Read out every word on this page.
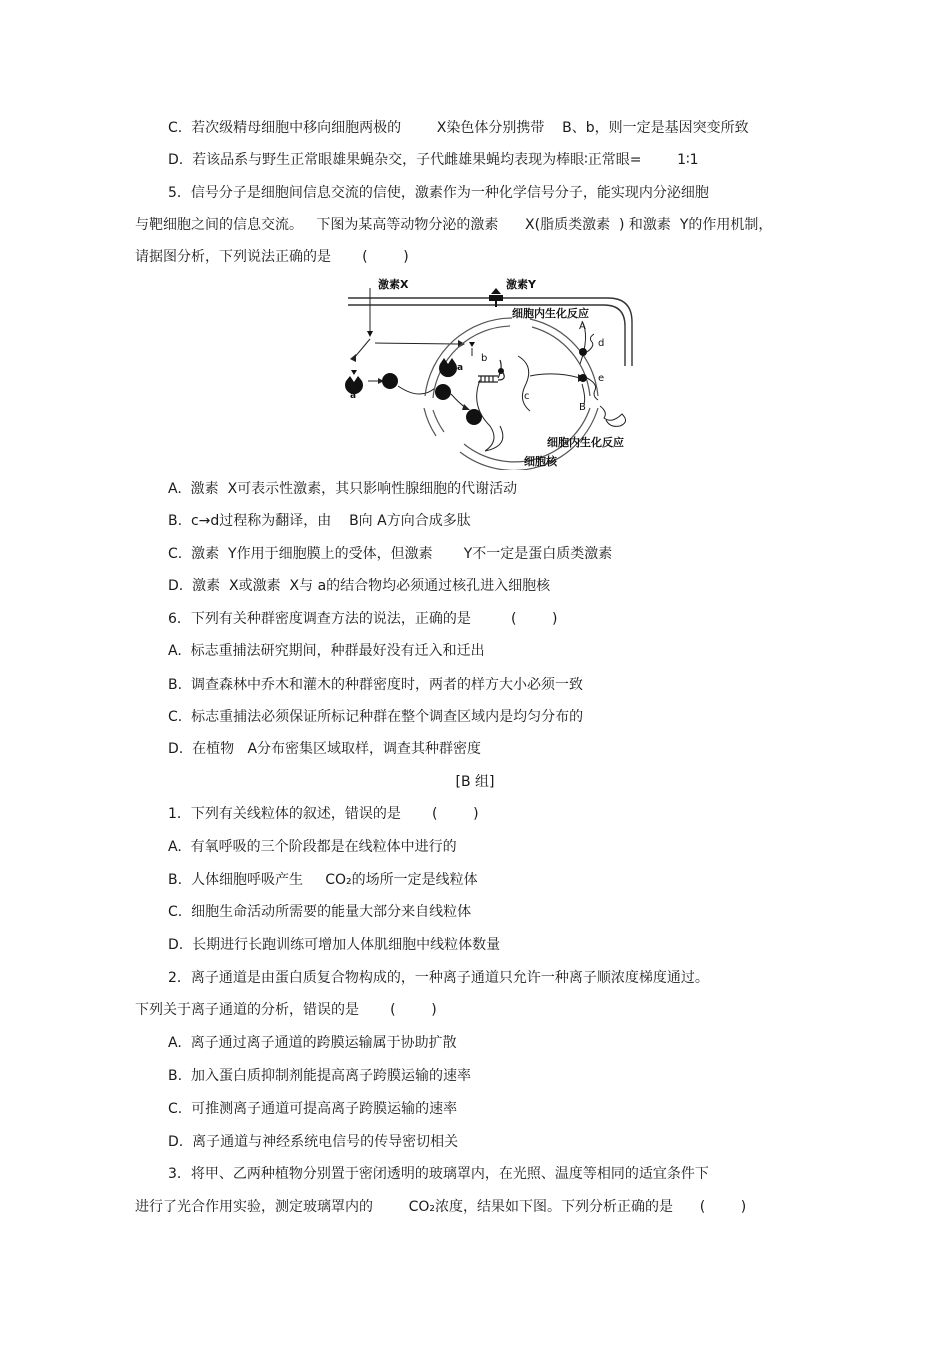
C.  若次级精母细胞中移向细胞两极的        X染色体分别携带    B、b，则一定是基因突变所致
D.  若该品系与野生正常眼雄果蝇杂交，子代雌雄果蝇均表现为棒眼∶正常眼=        1∶1
5．信号分子是细胞间信息交流的信使，激素作为一种化学信号分子，能实现内分泌细胞
与靶细胞之间的信息交流。   下图为某高等动物分泌的激素      X(脂质类激素  ) 和激素  Y的作用机制，
请据图分析，下列说法正确的是       (        )
激素X	激素Y
细胞内生化反应
细胞内生化反应
细胞核
a
a
b
c
d
e
A
B
A.  激素  X可表示性激素，其只影响性腺细胞的代谢活动
B.  c→d过程称为翻译，由    B向 A方向合成多肽
C.  激素  Y作用于细胞膜上的受体，但激素       Y不一定是蛋白质类激素
D.  激素  X或激素  X与 a的结合物均必须通过核孔进入细胞核
6．下列有关种群密度调查方法的说法，正确的是         (        )
A.  标志重捕法研究期间，种群最好没有迁入和迁出
B.  调查森林中乔木和灌木的种群密度时，两者的样方大小必须一致
C.  标志重捕法必须保证所标记种群在整个调查区域内是均匀分布的
D.  在植物   A分布密集区域取样，调查其种群密度
[B 组]
1．下列有关线粒体的叙述，错误的是       (        )
A.  有氧呼吸的三个阶段都是在线粒体中进行的
B.  人体细胞呼吸产生     CO₂的场所一定是线粒体
C.  细胞生命活动所需要的能量大部分来自线粒体
D.  长期进行长跑训练可增加人体肌细胞中线粒体数量
2．离子通道是由蛋白质复合物构成的，一种离子通道只允许一种离子顺浓度梯度通过。
下列关于离子通道的分析，错误的是       (        )
A.  离子通过离子通道的跨膜运输属于协助扩散
B.  加入蛋白质抑制剂能提高离子跨膜运输的速率
C.  可推测离子通道可提高离子跨膜运输的速率
D.  离子通道与神经系统电信号的传导密切相关
3．将甲、乙两种植物分别置于密闭透明的玻璃罩内，在光照、温度等相同的适宜条件下
进行了光合作用实验，测定玻璃罩内的        CO₂浓度，结果如下图。下列分析正确的是      (        )
